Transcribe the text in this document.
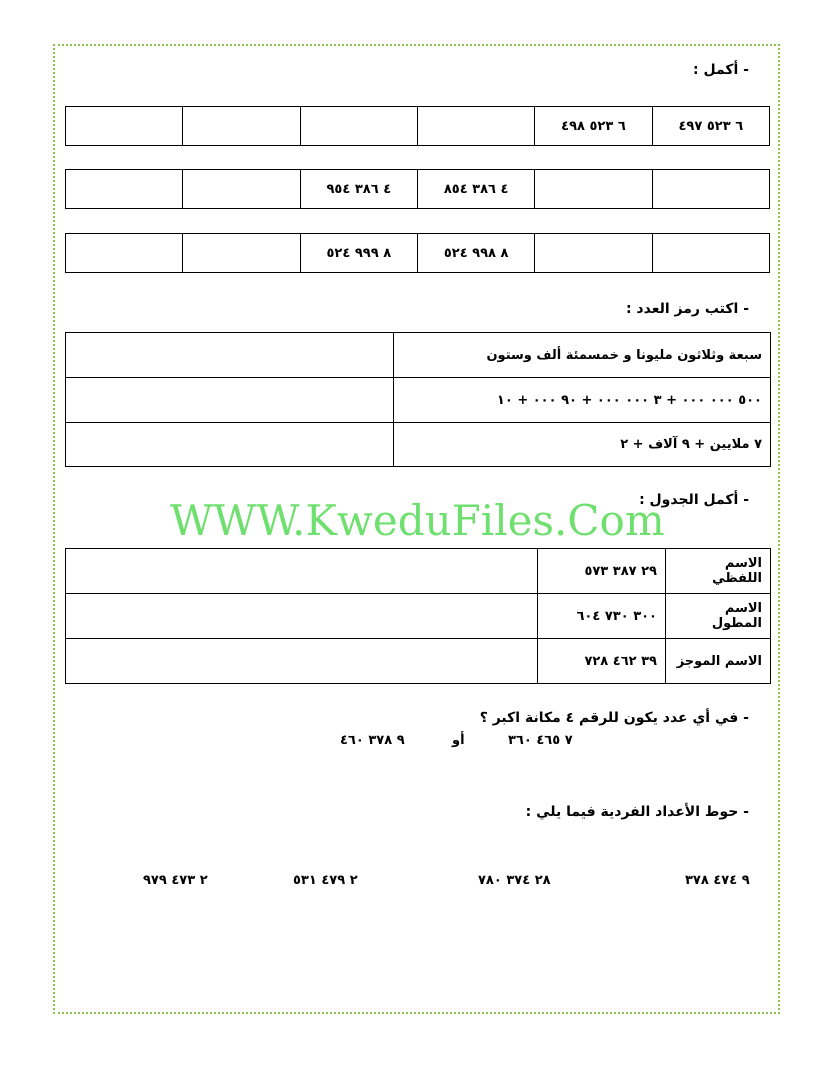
- أكمل :
				٦ ٥٢٣ ٤٩٨	٦ ٥٢٣ ٤٩٧
		٤ ٣٨٦ ٩٥٤	٤ ٣٨٦ ٨٥٤		
		٨ ٩٩٩ ٥٢٤	٨ ٩٩٨ ٥٢٤		
- اكتب رمز العدد :
	سبعة وثلاثون مليونا و خمسمئة ألف وستون
	٥٠٠ ٠٠٠ ٠٠٠ + ٣ ٠٠٠ ٠٠٠ + ٩٠ ٠٠٠ + ١٠
	٧ ملايين + ٩ آلاف + ٢
- أكمل الجدول :
WWW.KweduFiles.Com
	٢٩ ٣٨٧ ٥٧٣	الاسم اللفظي
	٣٠٠ ٧٣٠ ٦٠٤	الاسم المطول
	٣٩ ٤٦٢ ٧٢٨	الاسم الموجز
- في أي عدد يكون للرقم ٤ مكانة اكبر ؟
٧ ٤٦٥ ٣٦٠
أو
٩ ٣٧٨ ٤٦٠
- حوط الأعداد الفردية فيما يلي :
٩ ٤٧٤ ٣٧٨
٢٨ ٣٧٤ ٧٨٠
٢ ٤٧٩ ٥٣١
٢ ٤٧٣ ٩٧٩
